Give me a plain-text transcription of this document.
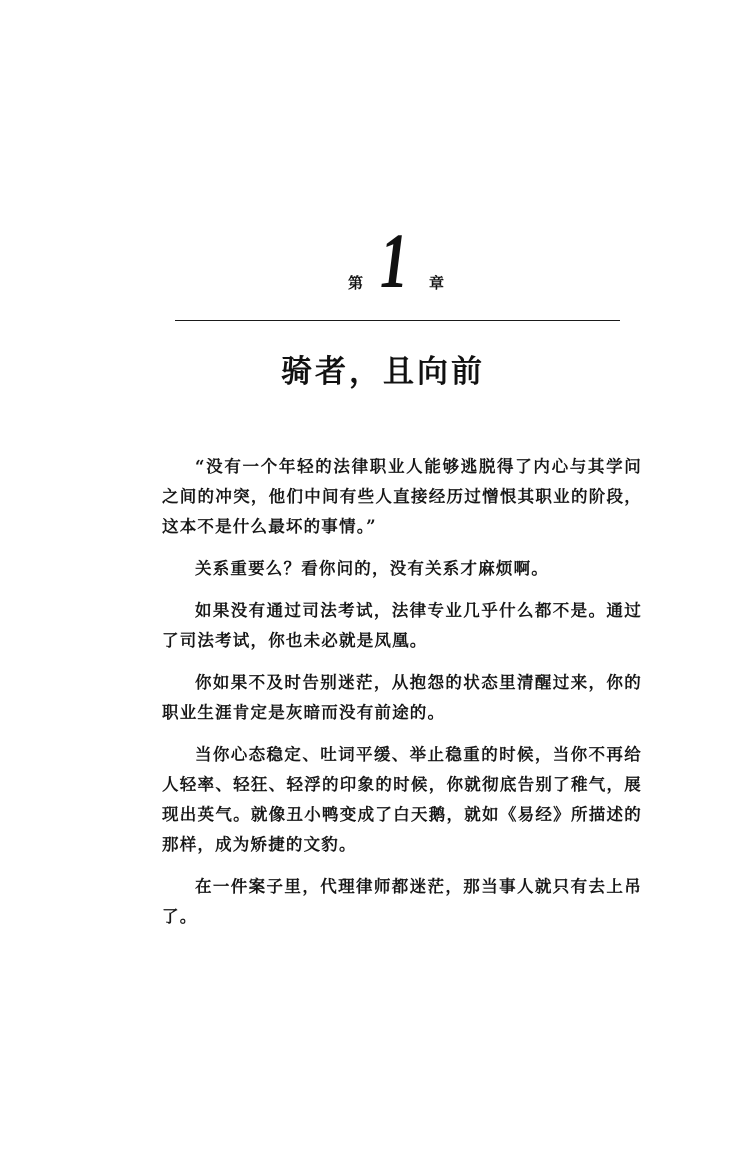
第 1 章
骑者，且向前

“没有一个年轻的法律职业人能够逃脱得了内心与其学问之间的冲突，他们中间有些人直接经历过憎恨其职业的阶段，这本不是什么最坏的事情。”

关系重要么？看你问的，没有关系才麻烦啊。

如果没有通过司法考试，法律专业几乎什么都不是。通过了司法考试，你也未必就是凤凰。

你如果不及时告别迷茫，从抱怨的状态里清醒过来，你的职业生涯肯定是灰暗而没有前途的。

当你心态稳定、吐词平缓、举止稳重的时候，当你不再给人轻率、轻狂、轻浮的印象的时候，你就彻底告别了稚气，展现出英气。就像丑小鸭变成了白天鹅，就如《易经》所描述的那样，成为矫捷的文豹。

在一件案子里，代理律师都迷茫，那当事人就只有去上吊了。
